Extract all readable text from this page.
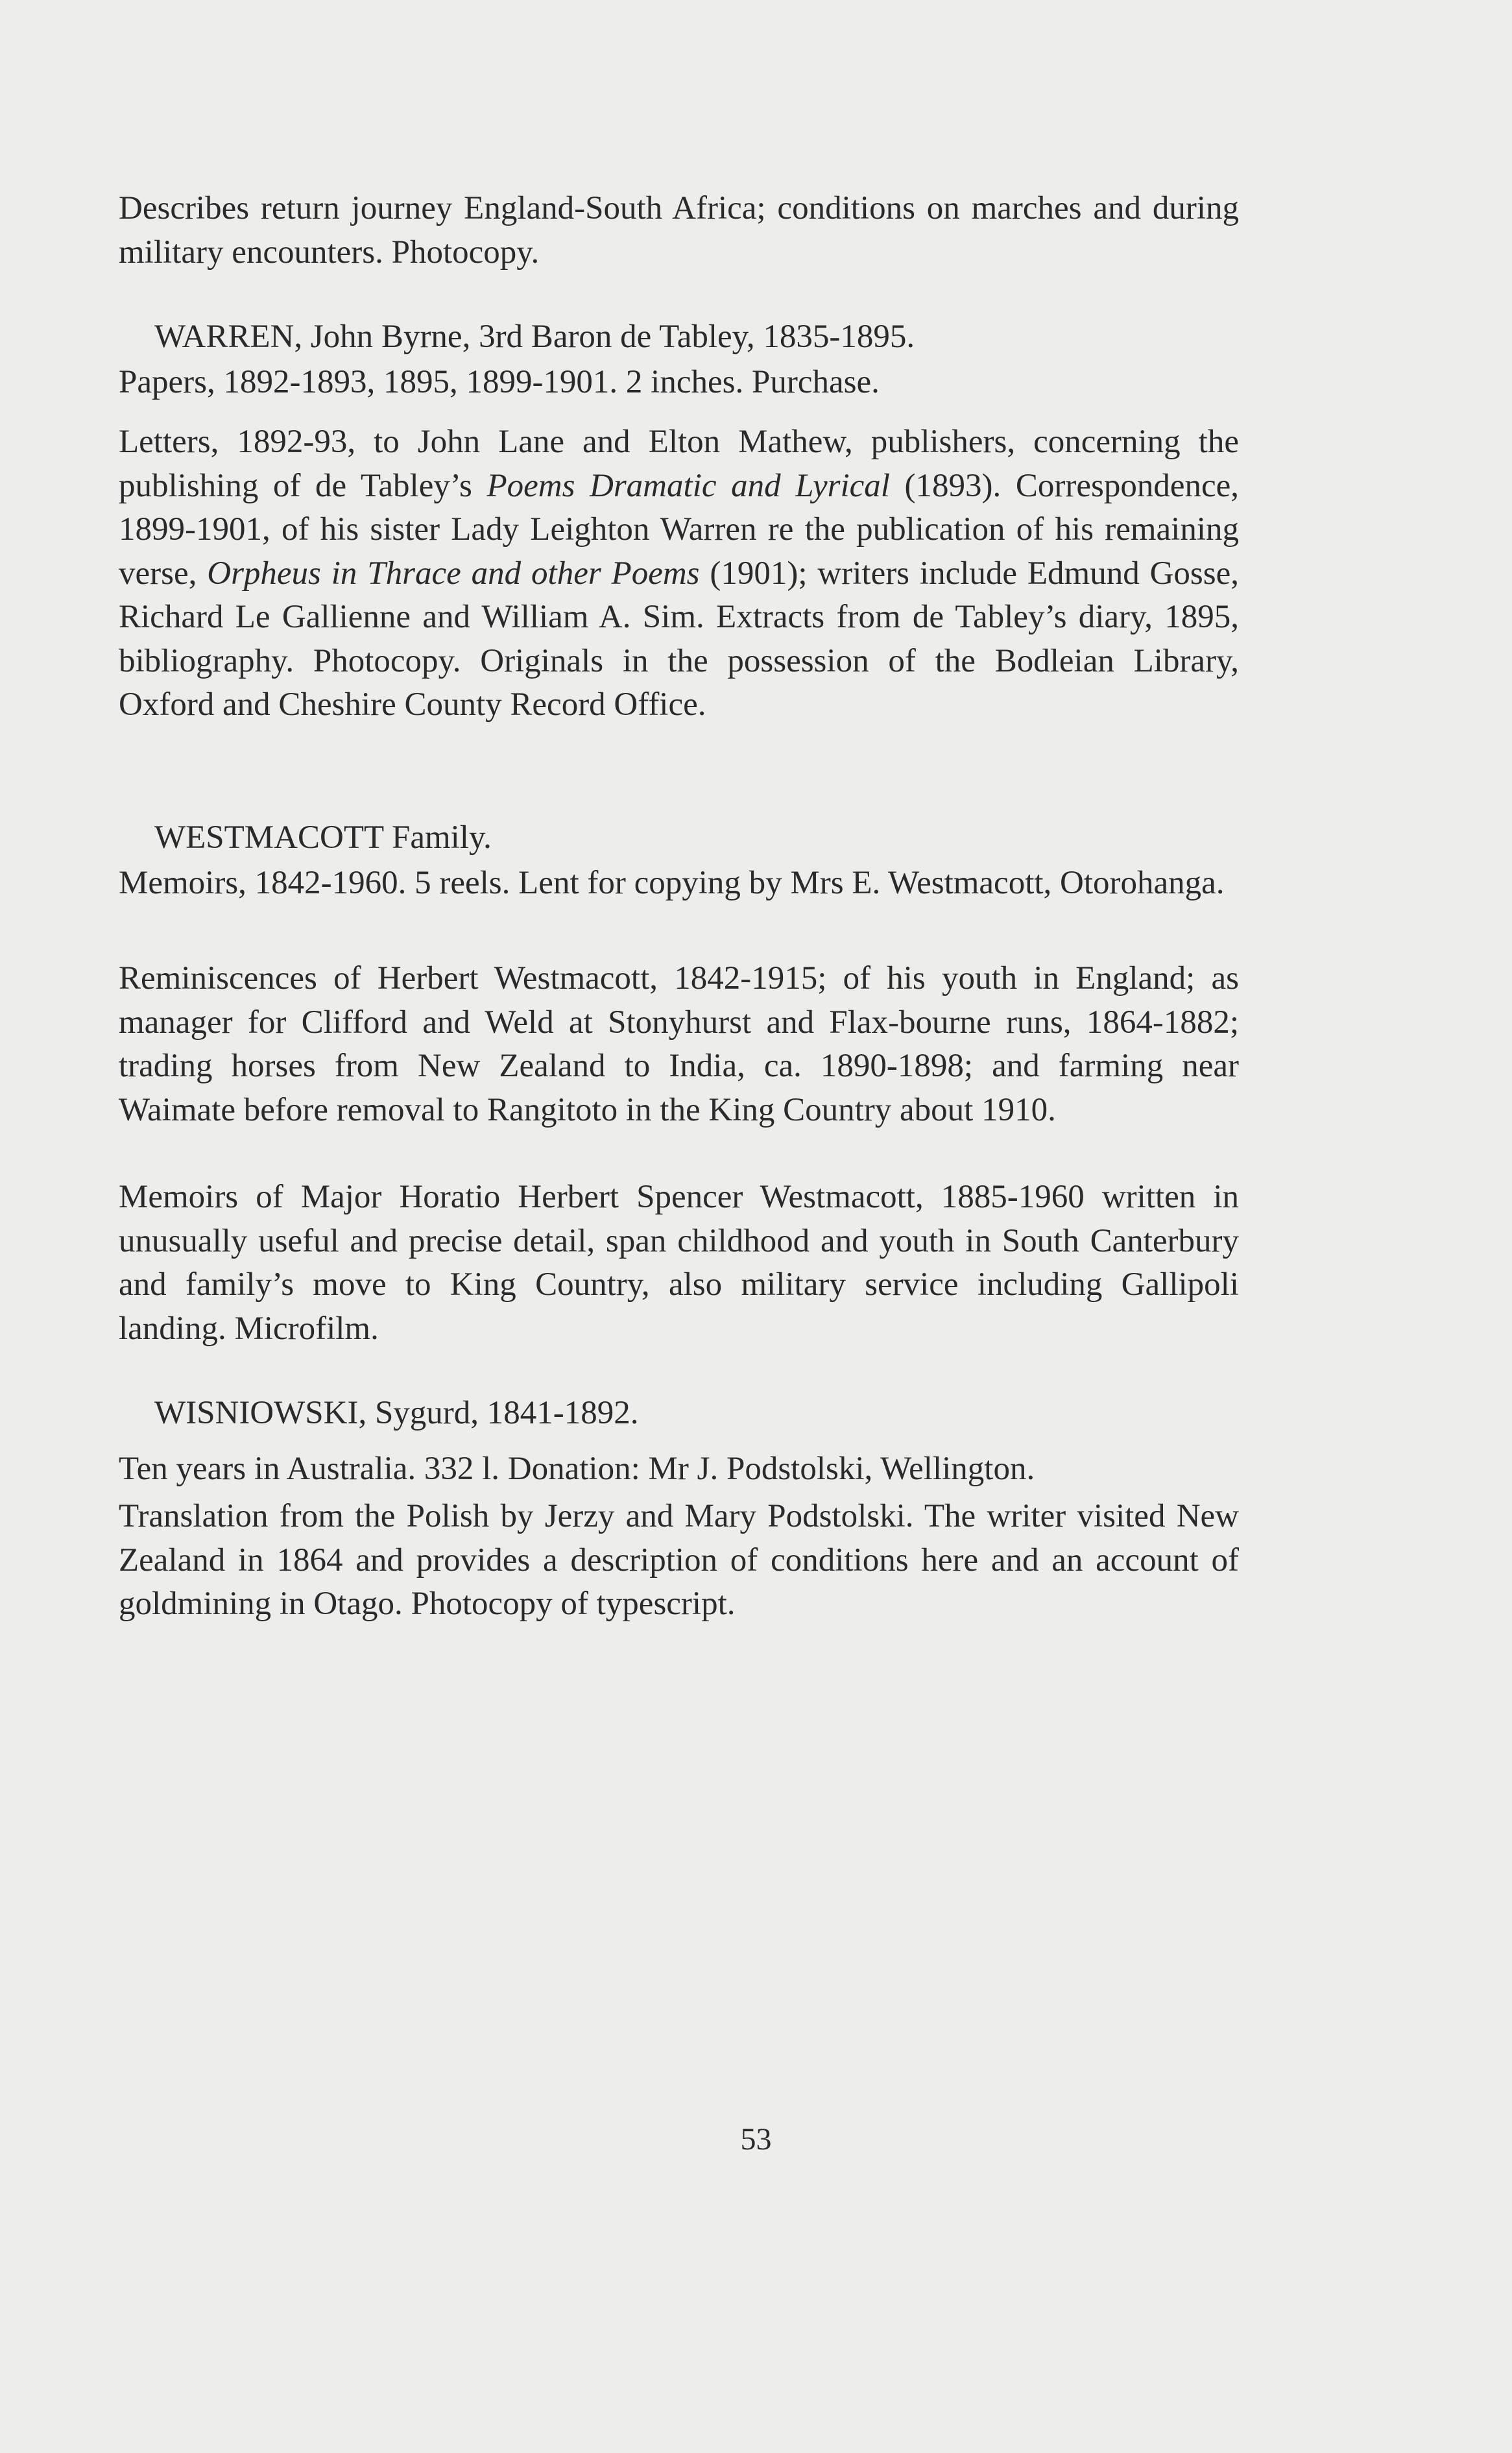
Describes return journey England-South Africa; conditions on marches and during military encounters. Photocopy.
WARREN, John Byrne, 3rd Baron de Tabley, 1835-1895.
Papers, 1892-1893, 1895, 1899-1901. 2 inches. Purchase.
Letters, 1892-93, to John Lane and Elton Mathew, publishers, concerning the publishing of de Tabley’s Poems Dramatic and Lyrical (1893). Correspondence, 1899-1901, of his sister Lady Leighton Warren re the publication of his remaining verse, Orpheus in Thrace and other Poems (1901); writers include Edmund Gosse, Richard Le Gallienne and William A. Sim. Extracts from de Tabley’s diary, 1895, bibliography. Photocopy. Originals in the possession of the Bodleian Library, Oxford and Cheshire County Record Office.
WESTMACOTT Family.
Memoirs, 1842-1960. 5 reels. Lent for copying by Mrs E. Westmacott, Otorohanga.
Reminiscences of Herbert Westmacott, 1842-1915; of his youth in England; as manager for Clifford and Weld at Stonyhurst and Flax-bourne runs, 1864-1882; trading horses from New Zealand to India, ca. 1890-1898; and farming near Waimate before removal to Rangitoto in the King Country about 1910.
Memoirs of Major Horatio Herbert Spencer Westmacott, 1885-1960 written in unusually useful and precise detail, span childhood and youth in South Canterbury and family’s move to King Country, also military service including Gallipoli landing. Microfilm.
WISNIOWSKI, Sygurd, 1841-1892.
Ten years in Australia. 332 l. Donation: Mr J. Podstolski, Wellington.
Translation from the Polish by Jerzy and Mary Podstolski. The writer visited New Zealand in 1864 and provides a description of conditions here and an account of goldmining in Otago. Photocopy of typescript.
53
